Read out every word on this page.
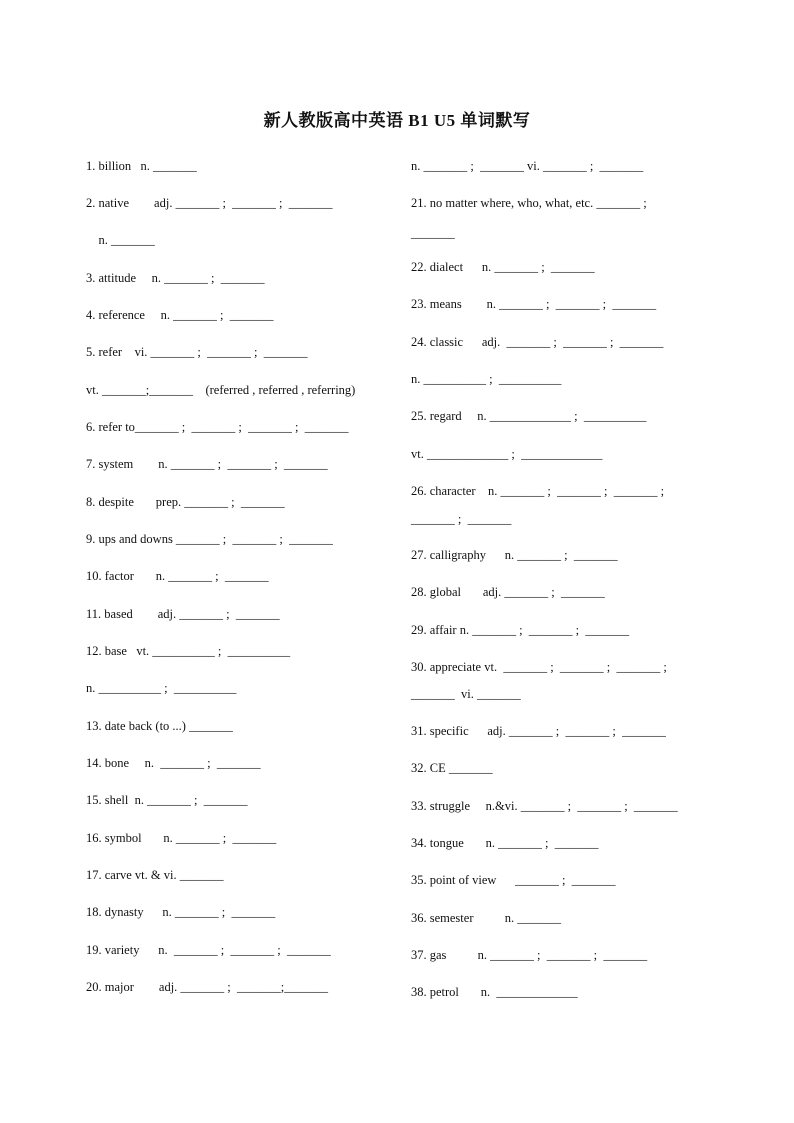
新人教版高中英语 B1 U5 单词默写
1. billion   n. _______
2. native        adj. _______ ;  _______ ;  _______
n. _______
3. attitude     n. _______ ;  _______
4. reference     n. _______ ;  _______
5. refer    vi. _______ ;  _______ ;  _______
vt. _______;_______    (referred , referred , referring)
6. refer to_______ ;  _______ ;  _______ ;  _______
7. system        n. _______ ;  _______ ;  _______
8. despite       prep. _______ ;  _______
9. ups and downs _______ ;  _______ ;  _______
10. factor       n. _______ ;  _______
11. based        adj. _______ ;  _______
12. base   vt. __________ ;  __________
n. __________ ;  __________
13. date back (to ...) _______
14. bone     n.  _______ ;  _______
15. shell  n. _______ ;  _______
16. symbol       n. _______ ;  _______
17. carve vt. & vi. _______
18. dynasty      n. _______ ;  _______
19. variety      n.  _______ ;  _______ ;  _______
20. major        adj. _______ ;  _______;_______
n. _______ ;  _______ vi. _______ ;  _______
21. no matter where, who, what, etc. _______ ;
_______
22. dialect      n. _______ ;  _______
23. means        n. _______ ;  _______ ;  _______
24. classic      adj.  _______ ;  _______ ;  _______
n. __________ ;  __________
25. regard     n. _____________ ;  __________
vt. _____________ ;  _____________
26. character    n. _______ ;  _______ ;  _______ ;
_______ ;  _______
27. calligraphy      n. _______ ;  _______
28. global       adj. _______ ;  _______
29. affair n. _______ ;  _______ ;  _______
30. appreciate vt.  _______ ;  _______ ;  _______ ;
_______  vi. _______
31. specific      adj. _______ ;  _______ ;  _______
32. CE _______
33. struggle     n.&vi. _______ ;  _______ ;  _______
34. tongue       n. _______ ;  _______
35. point of view      _______ ;  _______
36. semester          n. _______
37. gas          n. _______ ;  _______ ;  _______
38. petrol       n.  _____________
